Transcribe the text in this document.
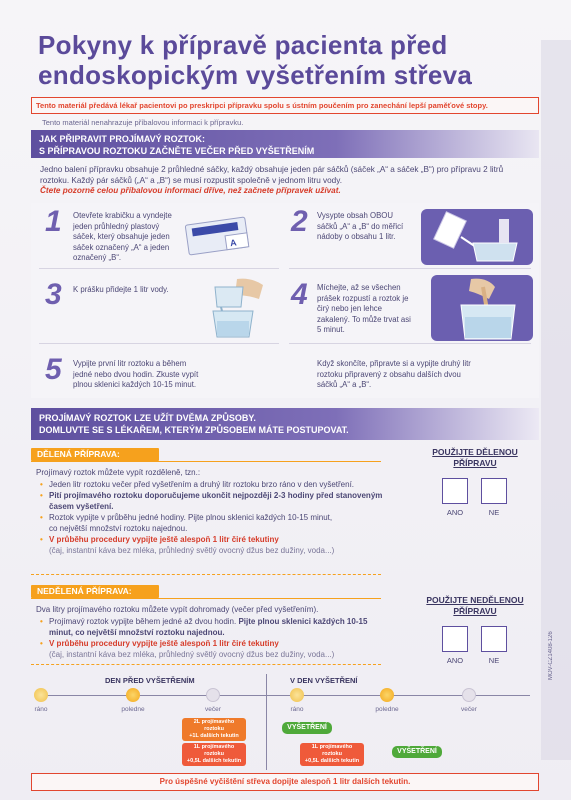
Pokyny k přípravě pacienta před endoskopickým vyšetřením střeva
Tento materiál předává lékař pacientovi po preskripci přípravku spolu s ústním poučením pro zanechání lepší paměťové stopy.
Tento materiál nenahrazuje příbalovou informaci k přípravku.
JAK PŘIPRAVIT PROJÍMAVÝ ROZTOK:
S PŘÍPRAVOU ROZTOKU ZAČNĚTE VEČER PŘED VYŠETŘENÍM
Jedno balení přípravku obsahuje 2 průhledné sáčky, každý obsahuje jeden pár sáčků (sáček „A“ a sáček „B“) pro přípravu 2 litrů roztoku. Každý pár sáčků („A“ a „B“) se musí rozpustit společně v jednom litru vody.
Čtete pozorně celou příbalovou informaci dříve, než začnete přípravek užívat.
1 Otevřete krabičku a vyndejte jeden průhledný plastový sáček, který obsahuje jeden sáček označený „A“ a jeden označený „B“.
A
2 Vysypte obsah OBOU sáčků „A“ a „B“ do měřicí nádoby o obsahu 1 litr.
3 K prášku přidejte 1 litr vody.	4 Míchejte, až se všechen prášek rozpustí a roztok je čirý nebo jen lehce zakalený. To může trvat asi 5 minut.
5 Vypijte první litr roztoku a během jedné nebo dvou hodin. Zkuste vypít plnou sklenici každých 10-15 minut.
Když skončíte, připravte si a vypijte druhý litr roztoku připravený z obsahu dalších dvou sáčků „A“ a „B“.
PROJÍMAVÝ ROZTOK LZE UŽÍT DVĚMA ZPŮSOBY.
DOMLUVTE SE S LÉKAŘEM, KTERÝM ZPŮSOBEM MÁTE POSTUPOVAT.
DĚLENÁ PŘÍPRAVA:
Projímavý roztok můžete vypít rozděleně, tzn.:
• Jeden litr roztoku večer před vyšetřením a druhý litr roztoku brzo ráno v den vyšetření.
• Pití projímavého roztoku doporučujeme ukončit nejpozději 2-3 hodiny před stanoveným časem vyšetření.
• Roztok vypijte v průběhu jedné hodiny. Pijte plnou sklenici každých 10-15 minut,
co největší množství roztoku najednou.
• V průběhu procedury vypijte ještě alespoň 1 litr čiré tekutiny
(čaj, instantní káva bez mléka, průhledný světlý ovocný džus bez dužiny, voda...)
POUŽIJTE DĚLENOU
PŘÍPRAVU
ANO	NE
NEDĚLENÁ PŘÍPRAVA:
Dva litry projímavého roztoku můžete vypít dohromady (večer před vyšetřením).
• Projímavý roztok vypijte během jedné až dvou hodin. Pijte plnou sklenici každých 10-15 minut, co největší množství roztoku najednou.
• V průběhu procedury vypijte ještě alespoň 1 litr čiré tekutiny
(čaj, instantní káva bez mléka, průhledný světlý ovocný džus bez dužiny, voda...)
POUŽIJTE NEDĚLENOU
PŘÍPRAVU
ANO	NE	MOV-CZ1408-126
DEN PŘED VYŠETŘENÍM	V DEN VYŠETŘENÍ
ráno	poledne	večer	ráno	poledne	večer
2L projímavého roztoku
+1L dalších tekutin
VYŠETŘENÍ
1L projímavého roztoku
+0,5L dalších tekutin
1L projímavého roztoku
+0,5L dalších tekutin
VYŠETŘENÍ
Pro úspěšné vyčištění střeva dopijte alespoň 1 litr dalších tekutin.
